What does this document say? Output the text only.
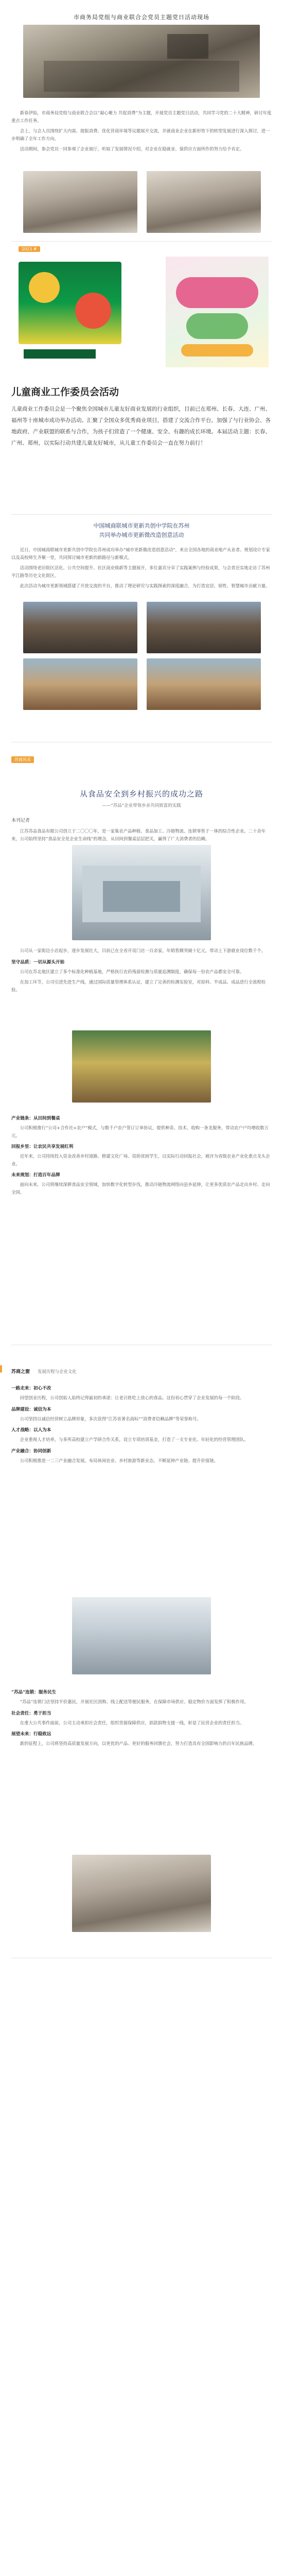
市商务局党组与商业联合会党员主题党日活动现场

新春伊始，市商务局党组与商业联合会以“凝心聚力 共促消费”为主题，开展党员主题党日活动，共同学习党的二十大精神，研讨年度重点工作任务。

会上，与会人员围绕扩大内需、提振消费、优化营商环境等议题展开交流，并就商业企业在新形势下的转型发展进行深入探讨，进一步明确了全年工作方向。

活动期间，参会党员一同参观了企业展厅，听取了发展情况介绍，对企业在稳就业、保供应方面所作的努力给予肯定。

2023 #
儿童商业工作委员会活动

儿童商业工作委员会是一个聚焦全国城市儿童友好商业发展的行业组织，目前已在郑州、长春、大连、广州、福州等十座城市成功举办活动。汇聚了全国众多优秀商业项目，搭建了交流合作平台，加强了与行业协会、各地政府、产业联盟的联系与合作，为孩子们营造了一个健康、安全、有趣的成长环境。本届活动主题：长春、广州、郑州，以实际行动共建儿童友好城市，从儿童工作委员会一直在努力前行！

中国城商联城市更新共创中学院在苏州
共同举办城市更新微改造创意活动

近日，中国城商联城市更新共创中学院在苏州成功举办“城市更新微改造创意活动”，来自全国各地的商业地产从业者、规划设计专家以及高校师生齐聚一堂，共同探讨城市更新的新路径与新模式。

活动围绕老旧街区活化、公共空间提升、社区商业焕新等主题展开，多位嘉宾分享了实践案例与经验成果，与会者还实地走访了苏州平江路等历史文化街区。

此次活动为城市更新领域搭建了开放交流的平台，推动了理论研究与实践探索的深度融合，为打造宜居、韧性、智慧城市贡献力量。

苏商风采
从食品安全到乡村振兴的成功之路
——“苏品”企业带领乡亲共同致富的实践
本刊记者

江苏苏品食品有限公司创立于二〇〇〇年，是一家集农产品种植、食品加工、冷链物流、连锁零售于一体的综合性企业。二十余年来，公司始终坚持“食品安全是企业生命线”的理念，从田间到餐桌层层把关，赢得了广大消费者的信赖。

公司从一家街边小店起步，逐步发展壮大，目前已在全省开设门店一百余家，年销售额突破十亿元，带动上下游就业岗位数千个。

坚守品质：一切从源头开始

公司在苏北地区建立了多个标准化种植基地，严格执行农药残留检测与质量追溯制度，确保每一份农产品都安全可靠。

在加工环节，公司引进先进生产线，通过国际质量管理体系认证，建立了完善的检测实验室，对原料、半成品、成品进行全流程检验。

产业链条：从田间到餐桌

公司积极推行“公司+合作社+农户”模式，与数千户农户签订订单协议，提供种苗、技术、收购一条龙服务，带动农户户均增收数万元。

回报乡里：让农民共享发展红利

近年来，公司持续投入资金改善乡村道路、修建文化广场、资助贫困学生，以实际行动回报社会，被评为省级农业产业化重点龙头企业。

未来规划：打造百年品牌

面向未来，公司将继续深耕食品安全领域，加快数字化转型步伐，推动冷链物流网络向县乡延伸，让更多优质农产品走出乡村、走向全国。

苏商之窗 发展历程与企业文化
一路走来：初心不改

回望创业历程，公司创始人始终记得最初的承诺：让老百姓吃上放心的食品。这份初心贯穿了企业发展的每一个阶段。

品牌建设：诚信为本

公司坚持以诚信经营树立品牌形象，多次获得“江苏省著名商标”“消费者信赖品牌”等荣誉称号。

人才战略：以人为本

企业重视人才培养，与多所高校建立产学研合作关系，设立专项培训基金，打造了一支专业化、年轻化的经营管理团队。

产业融合：协同创新

公司积极推进一二三产业融合发展，布局休闲农业、乡村旅游等新业态，不断延伸产业链、提升价值链。

“苏品”连锁：服务民生

“苏品”连锁门店坚持平价惠民，开展社区团购、线上配送等便民服务，在保障市场供应、稳定物价方面发挥了积极作用。

社会责任：勇于担当

在重大公共事件面前，公司主动承担社会责任，组织货源保障供应，捐款捐物支援一线，彰显了民营企业的责任担当。

展望未来：行稳致远

新的征程上，公司将坚持高质量发展方向，以更优的产品、更好的服务回馈社会，努力打造具有全国影响力的百年民族品牌。
